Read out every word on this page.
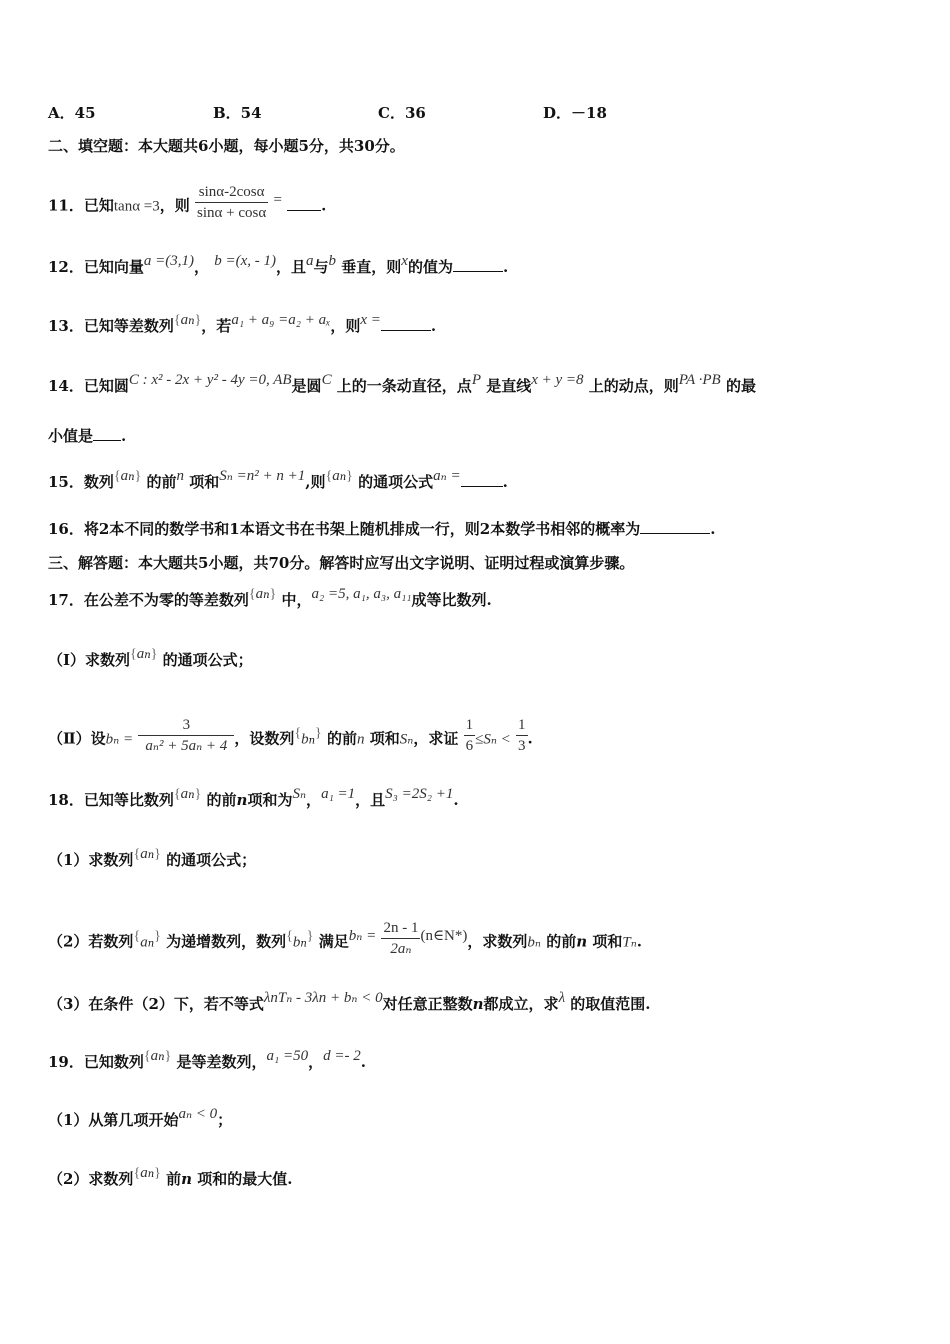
A．45	B．54	C．36	D．－18
二、填空题：本大题共6小题，每小题5分，共30分。
11．已知tanα =3，则 $\frac{\sin\alpha-2\cos\alpha}{\sin\alpha + \cos\alpha}$ =	.
12．已知向量a =(3,1)， b =(x, - 1)，且a与b 垂直，则x的值为	.
13．已知等差数列$\{a^n\}$，若a₁ + a₉ =a₂ + aₓ，则x =	.
14．已知圆C : x² - 2x + y² - 4y =0, AB是圆C 上的一条动直径，点P 是直线x + y =8 上的动点，则PA ·PB 的最
小值是 .
15．数列$\{a^n\}$ 的前n 项和Sₙ =n² + n +1,则$\{a^n\}$ 的通项公式aₙ =	.
16．将2本不同的数学书和1本语文书在书架上随机排成一行，则2本数学书相邻的概率为	.
三、解答题：本大题共5小题，共70分。解答时应写出文字说明、证明过程或演算步骤。
17．在公差不为零的等差数列$\{a^n\}$ 中，a₂ =5, a₁, a₃, a₁₁成等比数列.
（Ⅰ）求数列$\{a^n\}$ 的通项公式；
（Ⅱ）设$b_n = \frac{3}{\text{aₙ² + 5aₙ + 4}}$ ，设数列{bn} 的前n 项和Sₙ，求证 $\frac{1}{6} \le S_n < \frac{1}{3}$ .
18．已知等比数列$\{a^n\}$ 的前n项和为Sₙ，a₁ =1，且S₃ =2S₂ +1.
（1）求数列$\{a^n\}$ 的通项公式；
（2）若数列{an} 为递增数列，数列{bn} 满足$b_n = \frac{2n - 1}{\text{2aₙ}}$ (n∈N*)，求数列bₙ 的前n 项和Tₙ.
（3）在条件（2）下，若不等式λnTₙ - 3λn + bₙ < 0对任意正整数n都成立，求λ 的取值范围.
19．已知数列$\{a^n\}$ 是等差数列，a₁ =50，d =- 2.
（1）从第几项开始aₙ < 0；
（2）求数列$\{a^n\}$ 前n 项和的最大值.
